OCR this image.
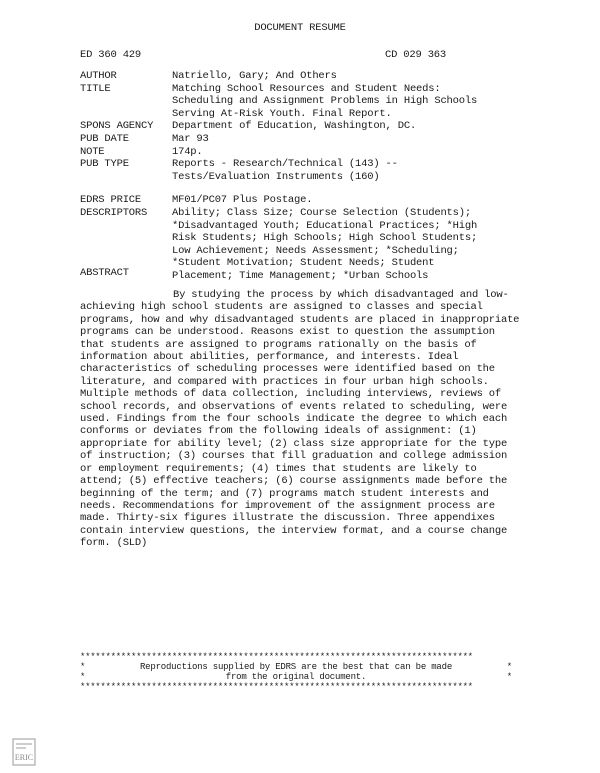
DOCUMENT RESUME
ED 360 429	CD 029 363
AUTHOR	Natriello, Gary; And Others
TITLE	Matching School Resources and Student Needs:
Scheduling and Assignment Problems in High Schools
Serving At-Risk Youth. Final Report.
SPONS AGENCY	Department of Education, Washington, DC.
PUB DATE	Mar 93
NOTE	174p.
PUB TYPE	Reports - Research/Technical (143) --
Tests/Evaluation Instruments (160)
EDRS PRICE	MF01/PC07 Plus Postage.
DESCRIPTORS	Ability; Class Size; Course Selection (Students);
*Disadvantaged Youth; Educational Practices; *High
Risk Students; High Schools; High School Students;
Low Achievement; Needs Assessment; *Scheduling;
*Student Motivation; Student Needs; Student
Placement; Time Management; *Urban Schools
ABSTRACT
By studying the process by which disadvantaged and low-achieving high school students are assigned to classes and special programs, how and why disadvantaged students are placed in inappropriate programs can be understood. Reasons exist to question the assumption that students are assigned to programs rationally on the basis of information about abilities, performance, and interests. Ideal characteristics of scheduling processes were identified based on the literature, and compared with practices in four urban high schools. Multiple methods of data collection, including interviews, reviews of school records, and observations of events related to scheduling, were used. Findings from the four schools indicate the degree to which each conforms or deviates from the following ideals of assignment: (1) appropriate for ability level; (2) class size appropriate for the type of instruction; (3) courses that fill graduation and college admission or employment requirements; (4) times that students are likely to attend; (5) effective teachers; (6) course assignments made before the beginning of the term; and (7) programs match student interests and needs. Recommendations for improvement of the assignment process are made. Thirty-six figures illustrate the discussion. Three appendixes contain interview questions, the interview format, and a course change form. (SLD)
*****************************************************************************
*	Reproductions supplied by EDRS are the best that can be made	*
*	from the original document.	*
*****************************************************************************
ERIC
